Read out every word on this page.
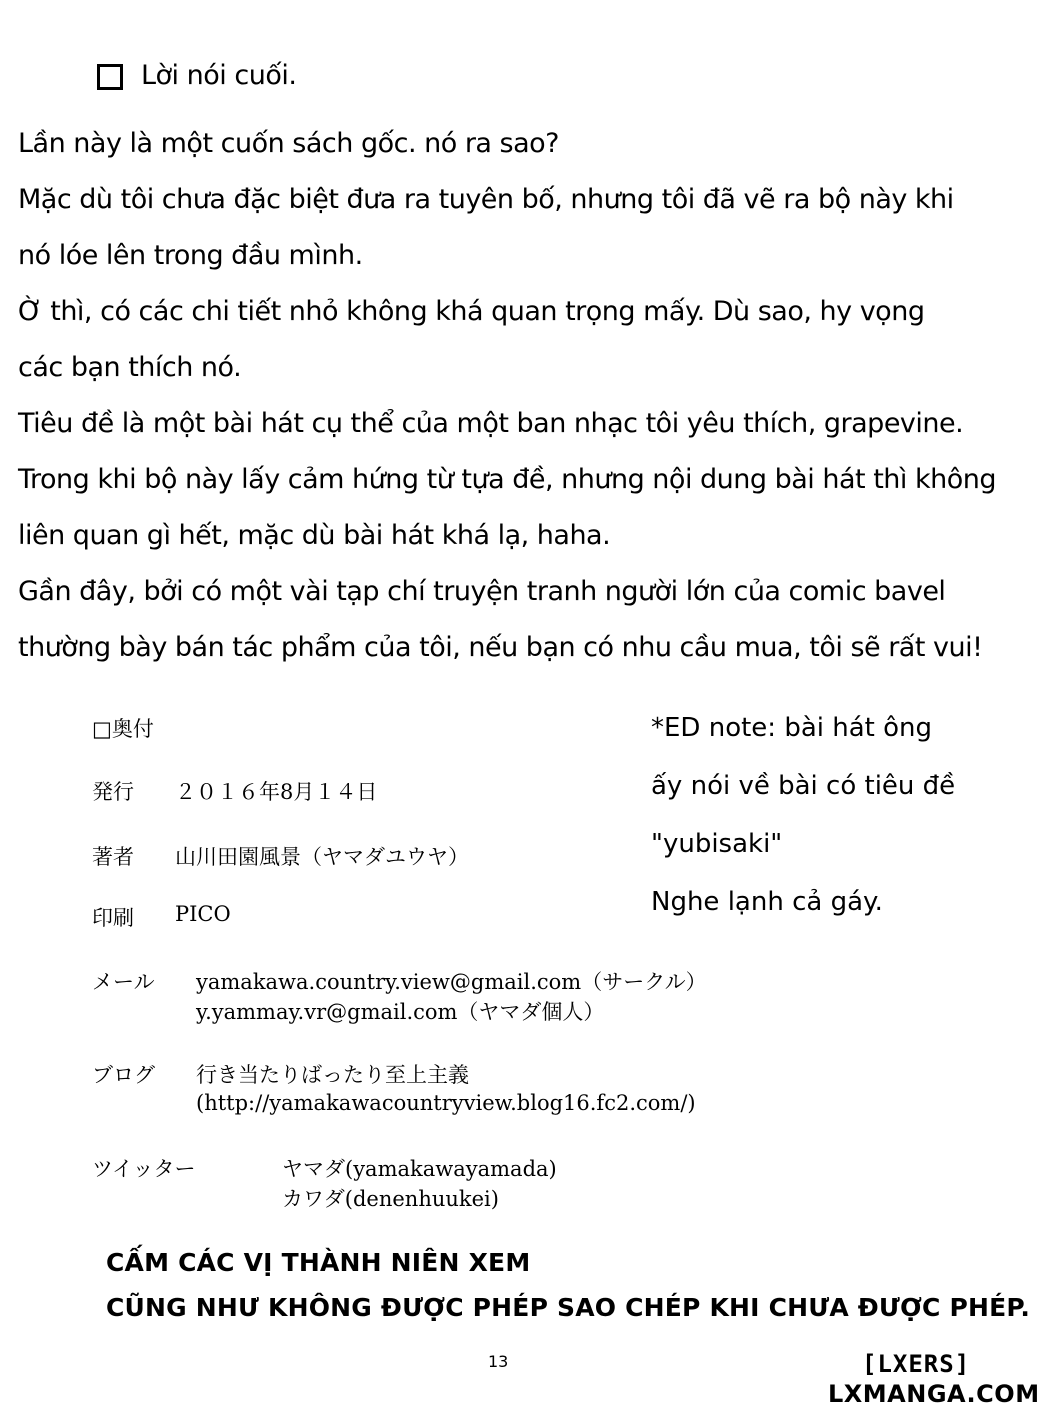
Lời nói cuối.
Lần này là một cuốn sách gốc. nó ra sao?
Mặc dù tôi chưa đặc biệt đưa ra tuyên bố, nhưng tôi đã vẽ ra bộ này khi
nó lóe lên trong đầu mình.
Ờ thì, có các chi tiết nhỏ không khá quan trọng mấy. Dù sao, hy vọng
các bạn thích nó.
Tiêu đề là một bài hát cụ thể của một ban nhạc tôi yêu thích, grapevine.
Trong khi bộ này lấy cảm hứng từ tựa đề, nhưng nội dung bài hát thì không
liên quan gì hết, mặc dù bài hát khá lạ, haha.
Gần đây, bởi có một vài tạp chí truyện tranh người lớn của comic bavel
thường bày bán tác phẩm của tôi, nếu bạn có nhu cầu mua, tôi sẽ rất vui!
□奥付
発行 ２０１６年8月１４日
著者 山川田園風景（ヤマダユウヤ）
印刷 PICO
メール yamakawa.country.view@gmail.com（サークル）
y.yammay.vr@gmail.com（ヤマダ個人）
ブログ 行き当たりばったり至上主義
(http://yamakawacountryview.blog16.fc2.com/)
ツイッター	ヤマダ(yamakawayamada)
カワダ(denenhuukei)
*ED note: bài hát ông
ấy nói về bài có tiêu đề
"yubisaki"
Nghe lạnh cả gáy.
CẤM CÁC VỊ THÀNH NIÊN XEM
CŨNG NHƯ KHÔNG ĐƯỢC PHÉP SAO CHÉP KHI CHƯA ĐƯỢC PHÉP.
13	[LXERS]
LXMANGA.COM
